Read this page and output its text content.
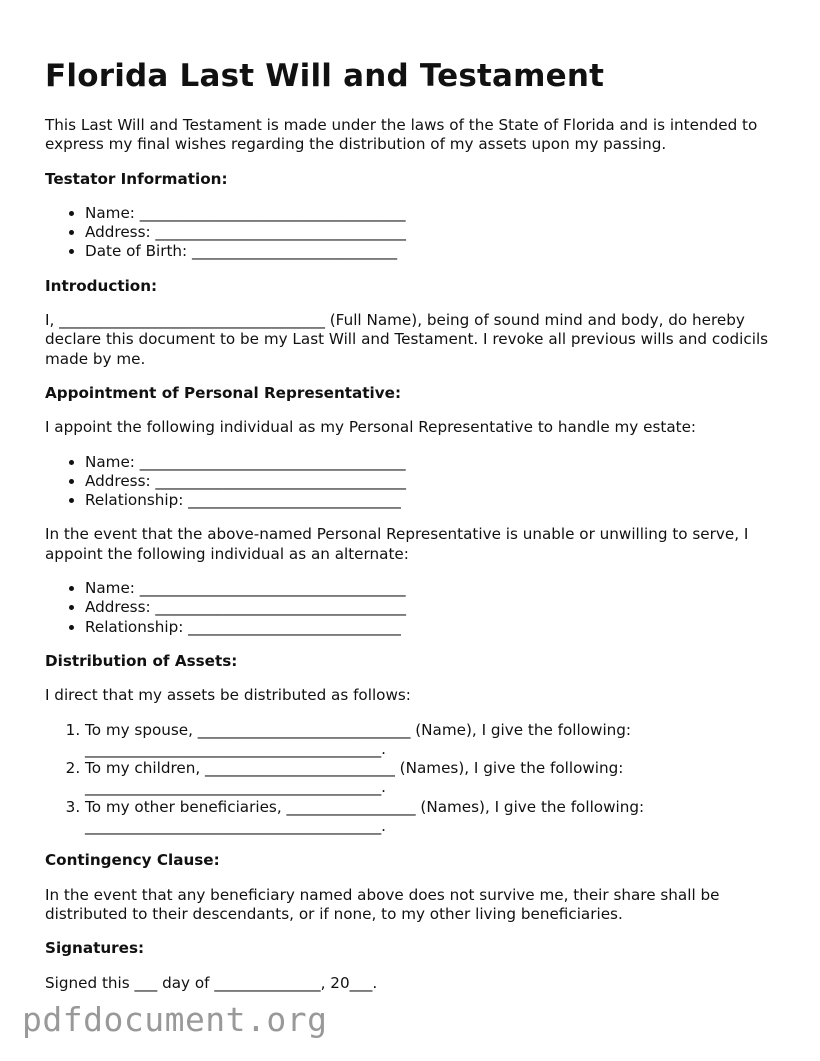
Florida Last Will and Testament

This Last Will and Testament is made under the laws of the State of Florida and is intended to express my final wishes regarding the distribution of my assets upon my passing.

Testator Information:
• Name: ___________________________________
• Address: _________________________________
• Date of Birth: ___________________________
Introduction:

I, ___________________________________ (Full Name), being of sound mind and body, do hereby declare this document to be my Last Will and Testament. I revoke all previous wills and codicils made by me.

Appointment of Personal Representative:

I appoint the following individual as my Personal Representative to handle my estate:

• Name: ___________________________________
• Address: _________________________________
• Relationship: ____________________________

In the event that the above-named Personal Representative is unable or unwilling to serve, I appoint the following individual as an alternate:

• Name: ___________________________________
• Address: _________________________________
• Relationship: ____________________________
Distribution of Assets:

I direct that my assets be distributed as follows:

1. To my spouse, ____________________________ (Name), I give the following: _______________________________________.
2. To my children, _________________________ (Names), I give the following: _______________________________________.
3. To my other beneficiaries, _________________ (Names), I give the following: _______________________________________.
Contingency Clause:

In the event that any beneficiary named above does not survive me, their share shall be distributed to their descendants, or if none, to my other living beneficiaries.

Signatures:

Signed this ___ day of ______________, 20___.

pdfdocument.org
